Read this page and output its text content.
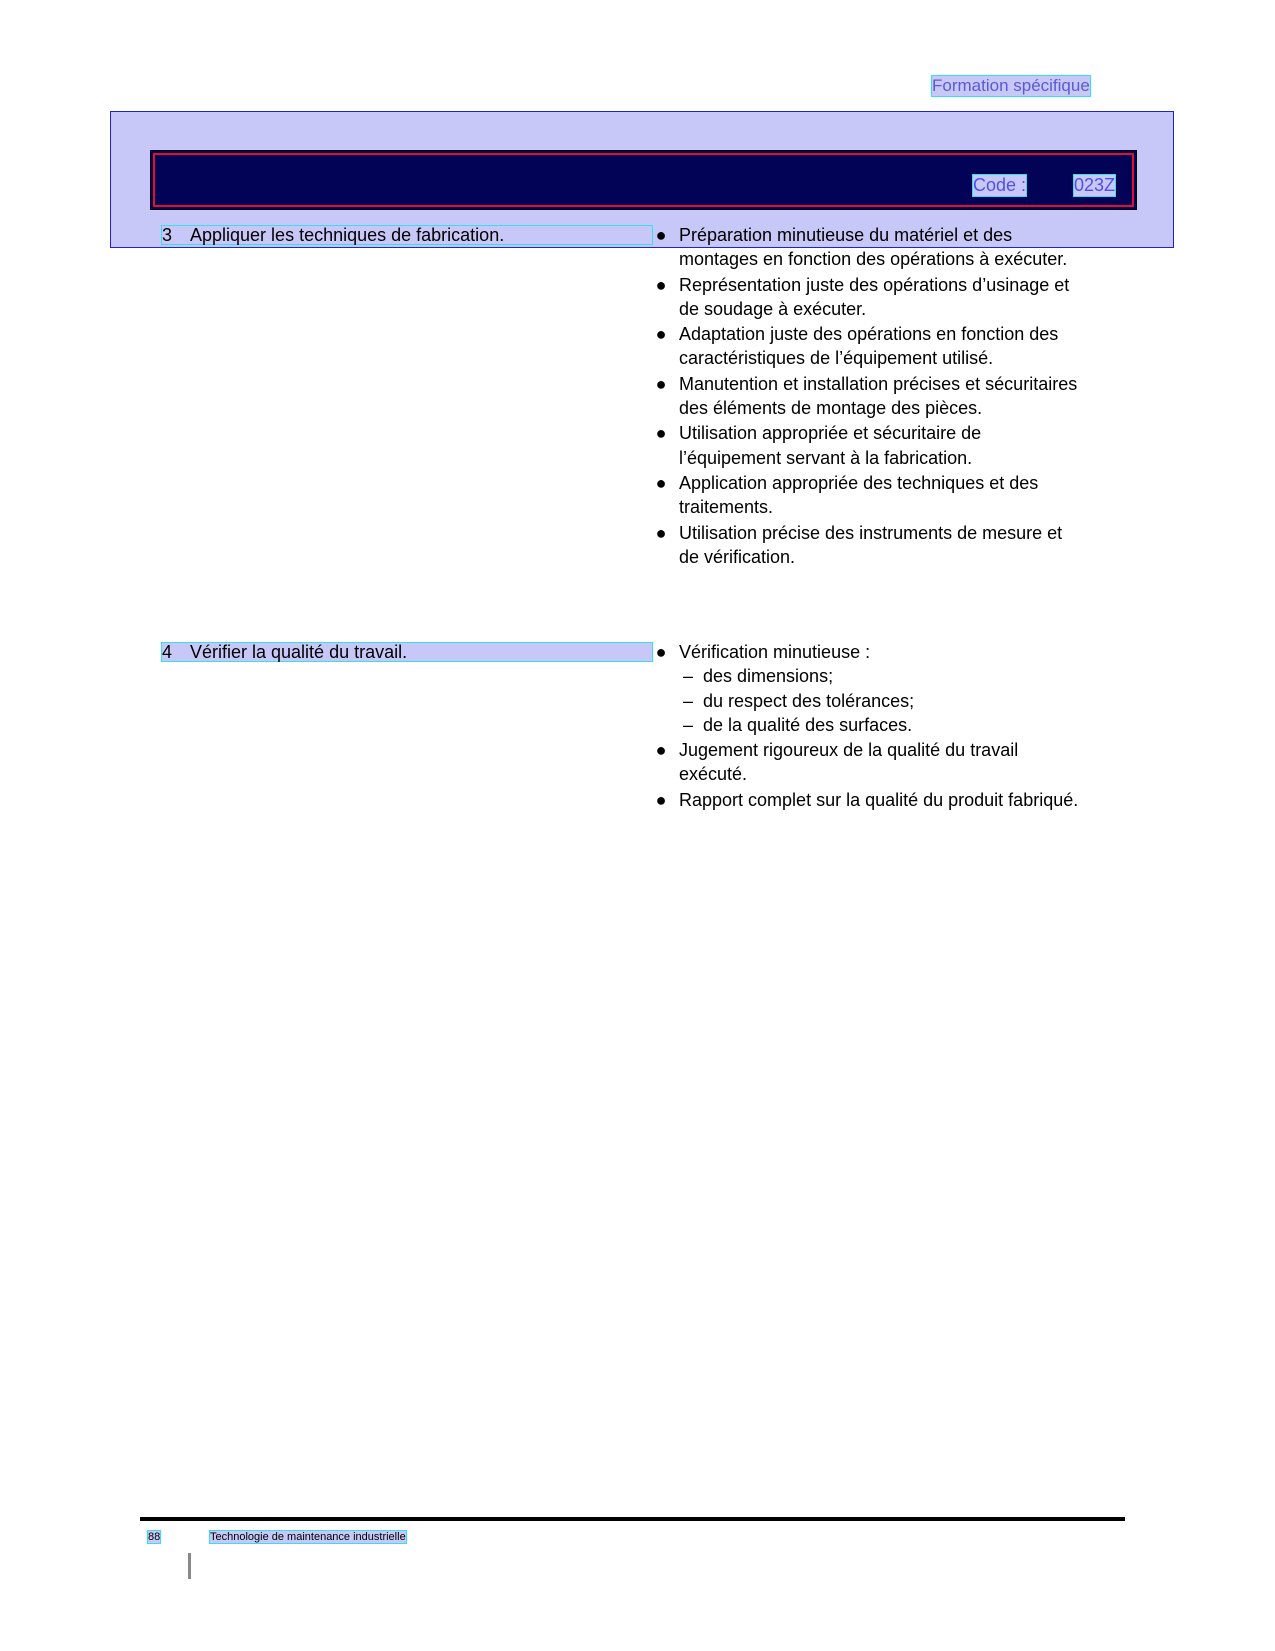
Formation spécifique
Code :	023Z
3 Appliquer les techniques de fabrication.	● Préparation minutieuse du matériel et des montages en fonction des opérations à exécuter.
● Représentation juste des opérations d’usinage et de soudage à exécuter.
● Adaptation juste des opérations en fonction des caractéristiques de l’équipement utilisé.
● Manutention et installation précises et sécuritaires des éléments de montage des pièces.
● Utilisation appropriée et sécuritaire de l’équipement servant à la fabrication.
● Application appropriée des techniques et des traitements.
● Utilisation précise des instruments de mesure et de vérification.
4 Vérifier la qualité du travail.	● Vérification minutieuse :
– des dimensions;
– du respect des tolérances;
– de la qualité des surfaces.
● Jugement rigoureux de la qualité du travail exécuté.
● Rapport complet sur la qualité du produit fabriqué.
88	Technologie de maintenance industrielle
